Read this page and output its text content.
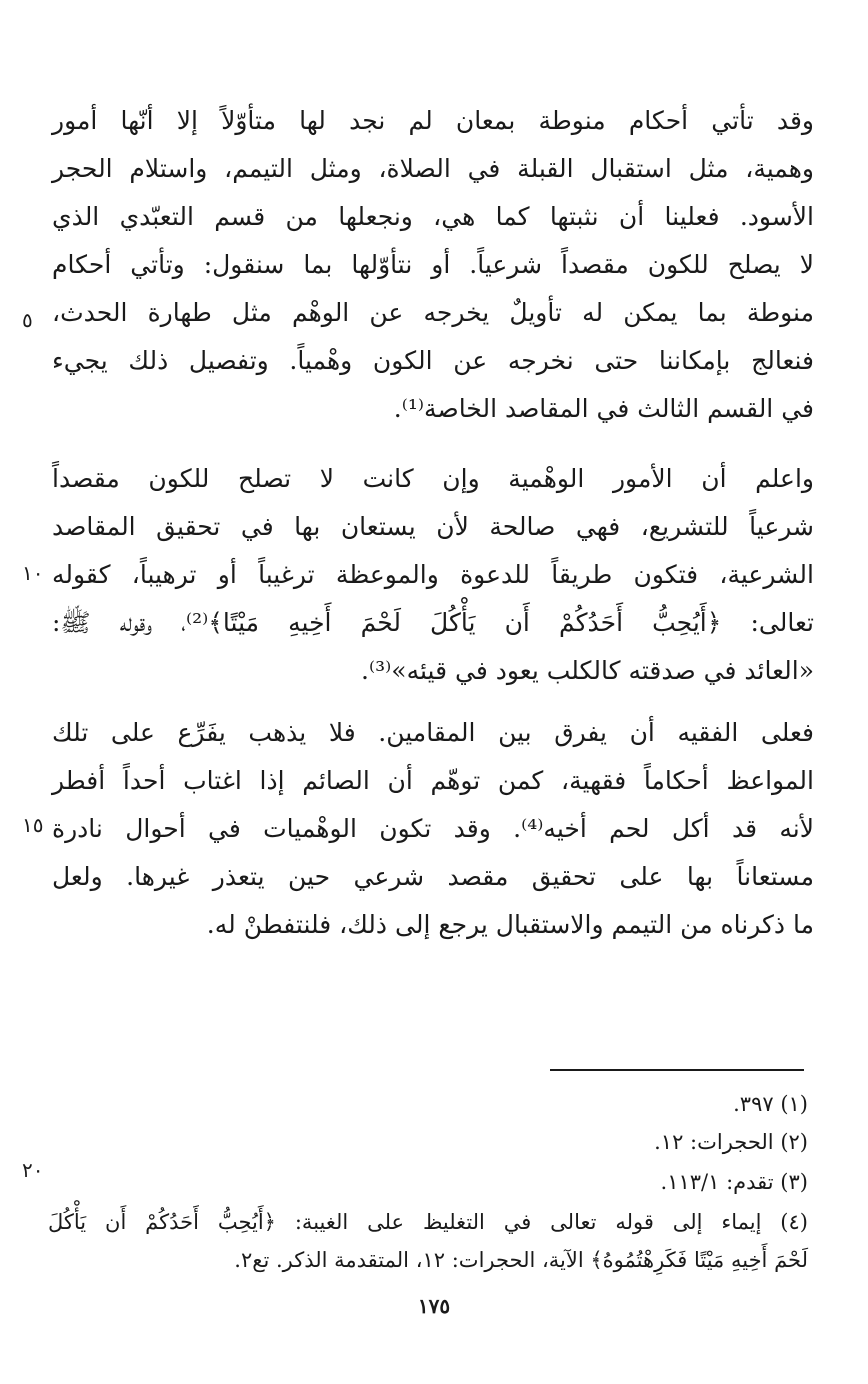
وقد تأتي أحكام منوطة بمعان لم نجد لها متأوّلاً إلا أنّها أمور
وهمية، مثل استقبال القبلة في الصلاة، ومثل التيمم، واستلام الحجر
الأسود. فعلينا أن نثبتها كما هي، ونجعلها من قسم التعبّدي الذي
لا يصلح للكون مقصداً شرعياً. أو نتأوّلها بما سنقول: وتأتي أحكام
منوطة بما يمكن له تأويلٌ يخرجه عن الوهْم مثل طهارة الحدث،
فنعالج بإمكاننا حتى نخرجه عن الكون وهْمياً. وتفصيل ذلك يجيء
في القسم الثالث في المقاصد الخاصة⁽¹⁾.
واعلم أن الأمور الوهْمية وإن كانت لا تصلح للكون مقصداً
شرعياً للتشريع، فهي صالحة لأن يستعان بها في تحقيق المقاصد
الشرعية، فتكون طريقاً للدعوة والموعظة ترغيباً أو ترهيباً، كقوله
تعالى: ﴿أَيُحِبُّ أَحَدُكُمْ أَن يَأْكُلَ لَحْمَ أَخِيهِ مَيْتًا﴾⁽²⁾، وقوله ﷺ:
«العائد في صدقته كالكلب يعود في قيئه»⁽³⁾.
فعلى الفقيه أن يفرق بين المقامين. فلا يذهب يفَرِّع على تلك
المواعظ أحكاماً فقهية، كمن توهّم أن الصائم إذا اغتاب أحداً أفطر
لأنه قد أكل لحم أخيه⁽⁴⁾. وقد تكون الوهْميات في أحوال نادرة
مستعاناً بها على تحقيق مقصد شرعي حين يتعذر غيرها. ولعل
ما ذكرناه من التيمم والاستقبال يرجع إلى ذلك، فلنتفطنْ له.
٥
١٠
١٥
٢٠
(١) ٣٩٧.
(٢) الحجرات: ١٢.
(٣) تقدم: ١١٣/١.
(٤) إيماء إلى قوله تعالى في التغليظ على الغيبة: ﴿أَيُحِبُّ أَحَدُكُمْ أَن يَأْكُلَ
لَحْمَ أَخِيهِ مَيْتًا فَكَرِهْتُمُوهُ﴾ الآية، الحجرات: ١٢، المتقدمة الذكر. تع٢.
١٧٥
